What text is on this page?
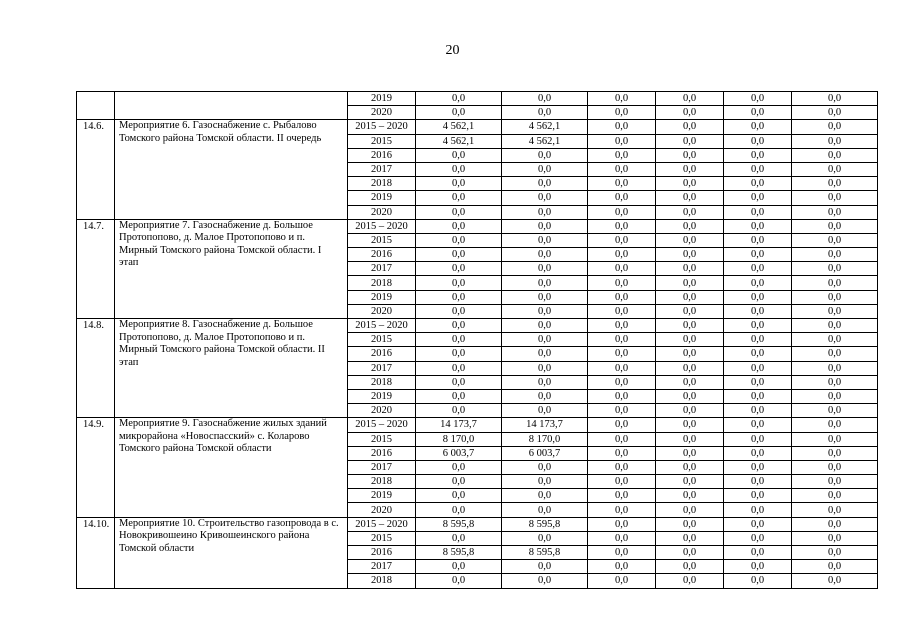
20
		2019	0,0	0,0	0,0	0,0	0,0	0,0
		2020	0,0	0,0	0,0	0,0	0,0	0,0
14.6.	Мероприятие 6. Газоснабжение с. Рыбалово Томского района Томской области. II очередь	2015 – 2020	4 562,1	4 562,1	0,0	0,0	0,0	0,0
		2015	4 562,1	4 562,1	0,0	0,0	0,0	0,0
		2016	0,0	0,0	0,0	0,0	0,0	0,0
		2017	0,0	0,0	0,0	0,0	0,0	0,0
		2018	0,0	0,0	0,0	0,0	0,0	0,0
		2019	0,0	0,0	0,0	0,0	0,0	0,0
		2020	0,0	0,0	0,0	0,0	0,0	0,0
14.7.	Мероприятие 7. Газоснабжение д. Большое Протопопово, д. Малое Протопопово и п. Мирный Томского района Томской области. I этап	2015 – 2020	0,0	0,0	0,0	0,0	0,0	0,0
		2015	0,0	0,0	0,0	0,0	0,0	0,0
		2016	0,0	0,0	0,0	0,0	0,0	0,0
		2017	0,0	0,0	0,0	0,0	0,0	0,0
		2018	0,0	0,0	0,0	0,0	0,0	0,0
		2019	0,0	0,0	0,0	0,0	0,0	0,0
		2020	0,0	0,0	0,0	0,0	0,0	0,0
14.8.	Мероприятие 8. Газоснабжение д. Большое Протопопово, д. Малое Протопопово и п. Мирный Томского района Томской области. II этап	2015 – 2020	0,0	0,0	0,0	0,0	0,0	0,0
		2015	0,0	0,0	0,0	0,0	0,0	0,0
		2016	0,0	0,0	0,0	0,0	0,0	0,0
		2017	0,0	0,0	0,0	0,0	0,0	0,0
		2018	0,0	0,0	0,0	0,0	0,0	0,0
		2019	0,0	0,0	0,0	0,0	0,0	0,0
		2020	0,0	0,0	0,0	0,0	0,0	0,0
14.9.	Мероприятие 9. Газоснабжение жилых зданий микрорайона «Новоспасский» с. Коларово Томского района Томской области	2015 – 2020	14 173,7	14 173,7	0,0	0,0	0,0	0,0
		2015	8 170,0	8 170,0	0,0	0,0	0,0	0,0
		2016	6 003,7	6 003,7	0,0	0,0	0,0	0,0
		2017	0,0	0,0	0,0	0,0	0,0	0,0
		2018	0,0	0,0	0,0	0,0	0,0	0,0
		2019	0,0	0,0	0,0	0,0	0,0	0,0
		2020	0,0	0,0	0,0	0,0	0,0	0,0
14.10.	Мероприятие 10. Строительство газопровода в с. Новокривошеино Кривошеинского района Томской области	2015 – 2020	8 595,8	8 595,8	0,0	0,0	0,0	0,0
		2015	0,0	0,0	0,0	0,0	0,0	0,0
		2016	8 595,8	8 595,8	0,0	0,0	0,0	0,0
		2017	0,0	0,0	0,0	0,0	0,0	0,0
		2018	0,0	0,0	0,0	0,0	0,0	0,0
